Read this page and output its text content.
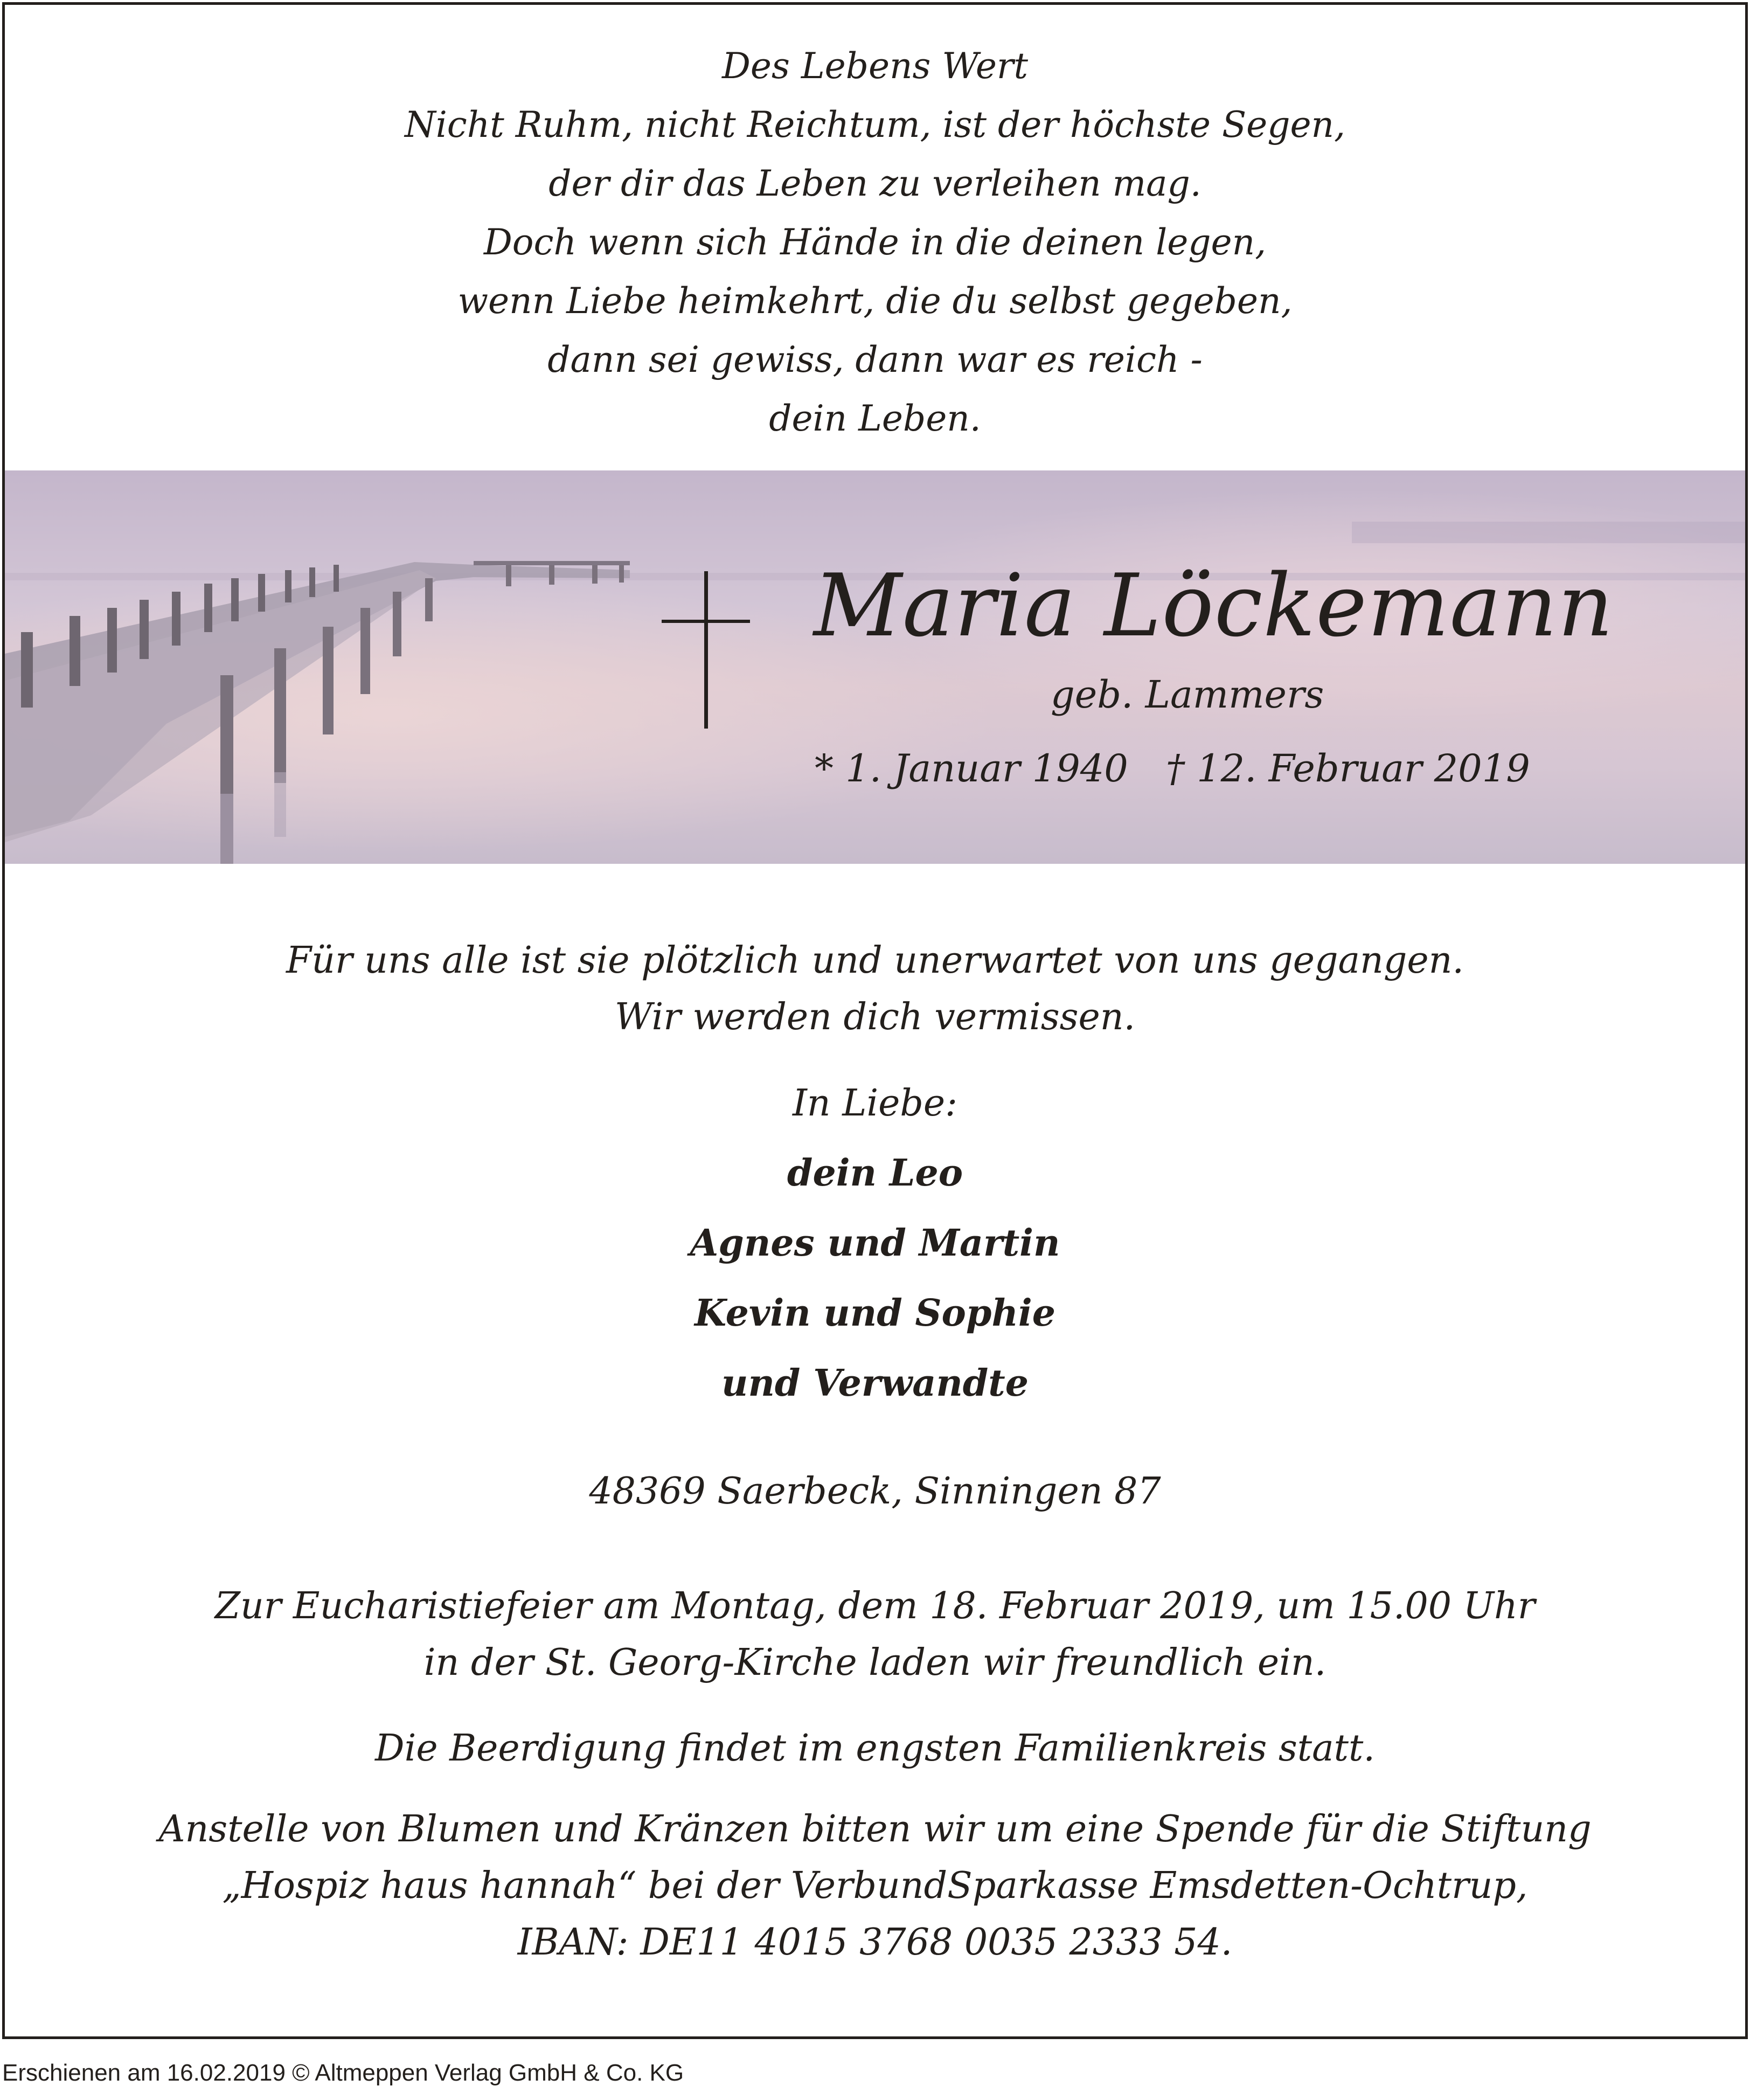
Des Lebens Wert
Nicht Ruhm, nicht Reichtum, ist der höchste Segen,
der dir das Leben zu verleihen mag.
Doch wenn sich Hände in die deinen legen,
wenn Liebe heimkehrt, die du selbst gegeben,
dann sei gewiss, dann war es reich -
dein Leben.
Maria Löckemann
geb. Lammers
* 1. Januar 1940 † 12. Februar 2019
Für uns alle ist sie plötzlich und unerwartet von uns gegangen.
Wir werden dich vermissen.
In Liebe:
dein Leo
Agnes und Martin
Kevin und Sophie
und Verwandte
48369 Saerbeck, Sinningen 87
Zur Eucharistiefeier am Montag, dem 18. Februar 2019, um 15.00 Uhr
in der St. Georg-Kirche laden wir freundlich ein.
Die Beerdigung findet im engsten Familienkreis statt.
Anstelle von Blumen und Kränzen bitten wir um eine Spende für die Stiftung
„Hospiz haus hannah“ bei der VerbundSparkasse Emsdetten-Ochtrup,
IBAN: DE11 4015 3768 0035 2333 54.
Erschienen am 16.02.2019 © Altmeppen Verlag GmbH & Co. KG
